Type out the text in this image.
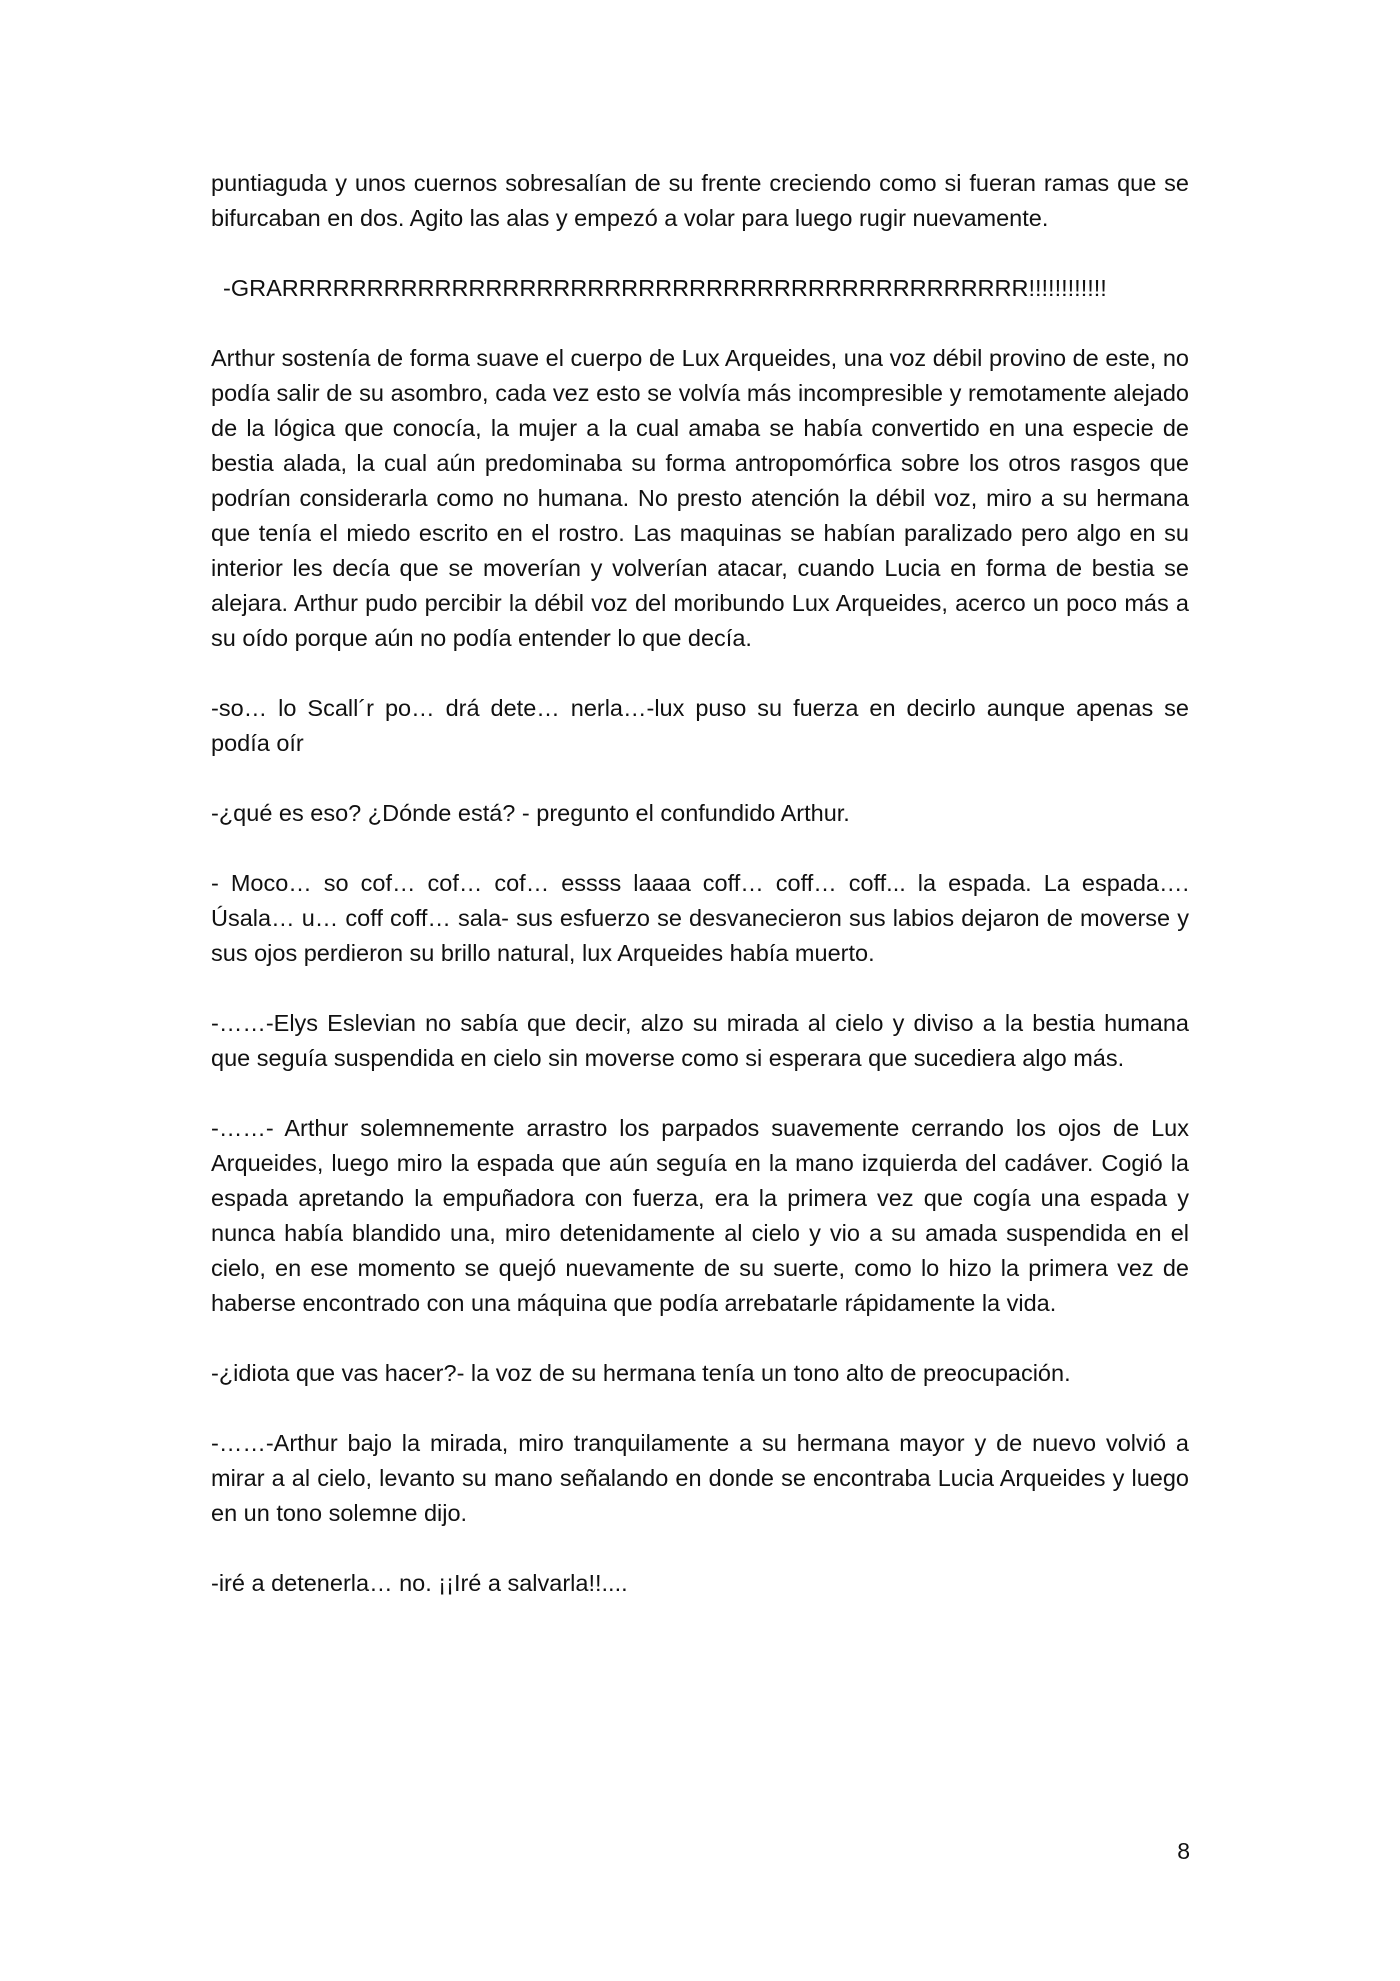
puntiaguda y unos cuernos sobresalían de su frente creciendo como si fueran ramas que se bifurcaban en dos. Agito las alas y empezó a volar para luego rugir nuevamente.

-GRARRRRRRRRRRRRRRRRRRRRRRRRRRRRRRRRRRRRRRRRRRRR!!!!!!!!!!!!

Arthur sostenía de forma suave el cuerpo de Lux Arqueides, una voz débil provino de este, no podía salir de su asombro, cada vez esto se volvía más incompresible y remotamente alejado de la lógica que conocía, la mujer a la cual amaba se había convertido en una especie de bestia alada, la cual aún predominaba su forma antropomórfica sobre los otros rasgos que podrían considerarla como no humana. No presto atención la débil voz, miro a su hermana que tenía el miedo escrito en el rostro. Las maquinas se habían paralizado pero algo en su interior les decía que se moverían y volverían atacar, cuando Lucia en forma de bestia se alejara. Arthur pudo percibir la débil voz del moribundo Lux Arqueides, acerco un poco más a su oído porque aún no podía entender lo que decía.

-so… lo Scall´r po… drá dete… nerla…-lux puso su fuerza en decirlo aunque apenas se podía oír

-¿qué es eso? ¿Dónde está? - pregunto el confundido Arthur.

- Moco… so cof… cof… cof… essss laaaa coff… coff… coff... la espada. La espada…. Úsala… u… coff coff… sala- sus esfuerzo se desvanecieron sus labios dejaron de moverse y sus ojos perdieron su brillo natural, lux Arqueides había muerto.

-……-Elys Eslevian no sabía que decir, alzo su mirada al cielo y diviso a la bestia humana que seguía suspendida en cielo sin moverse como si esperara que sucediera algo más.

-……- Arthur solemnemente arrastro los parpados suavemente cerrando los ojos de Lux Arqueides, luego miro la espada que aún seguía en la mano izquierda del cadáver. Cogió la espada apretando la empuñadora con fuerza, era la primera vez que cogía una espada y nunca había blandido una, miro detenidamente al cielo y vio a su amada suspendida en el cielo, en ese momento se quejó nuevamente de su suerte, como lo hizo la primera vez de haberse encontrado con una máquina que podía arrebatarle rápidamente la vida.

-¿idiota que vas hacer?- la voz de su hermana tenía un tono alto de preocupación.

-……-Arthur bajo la mirada, miro tranquilamente a su hermana mayor y de nuevo volvió a mirar a al cielo, levanto su mano señalando en donde se encontraba Lucia Arqueides y luego en un tono solemne dijo.

-iré a detenerla… no. ¡¡Iré a salvarla!!....

8
